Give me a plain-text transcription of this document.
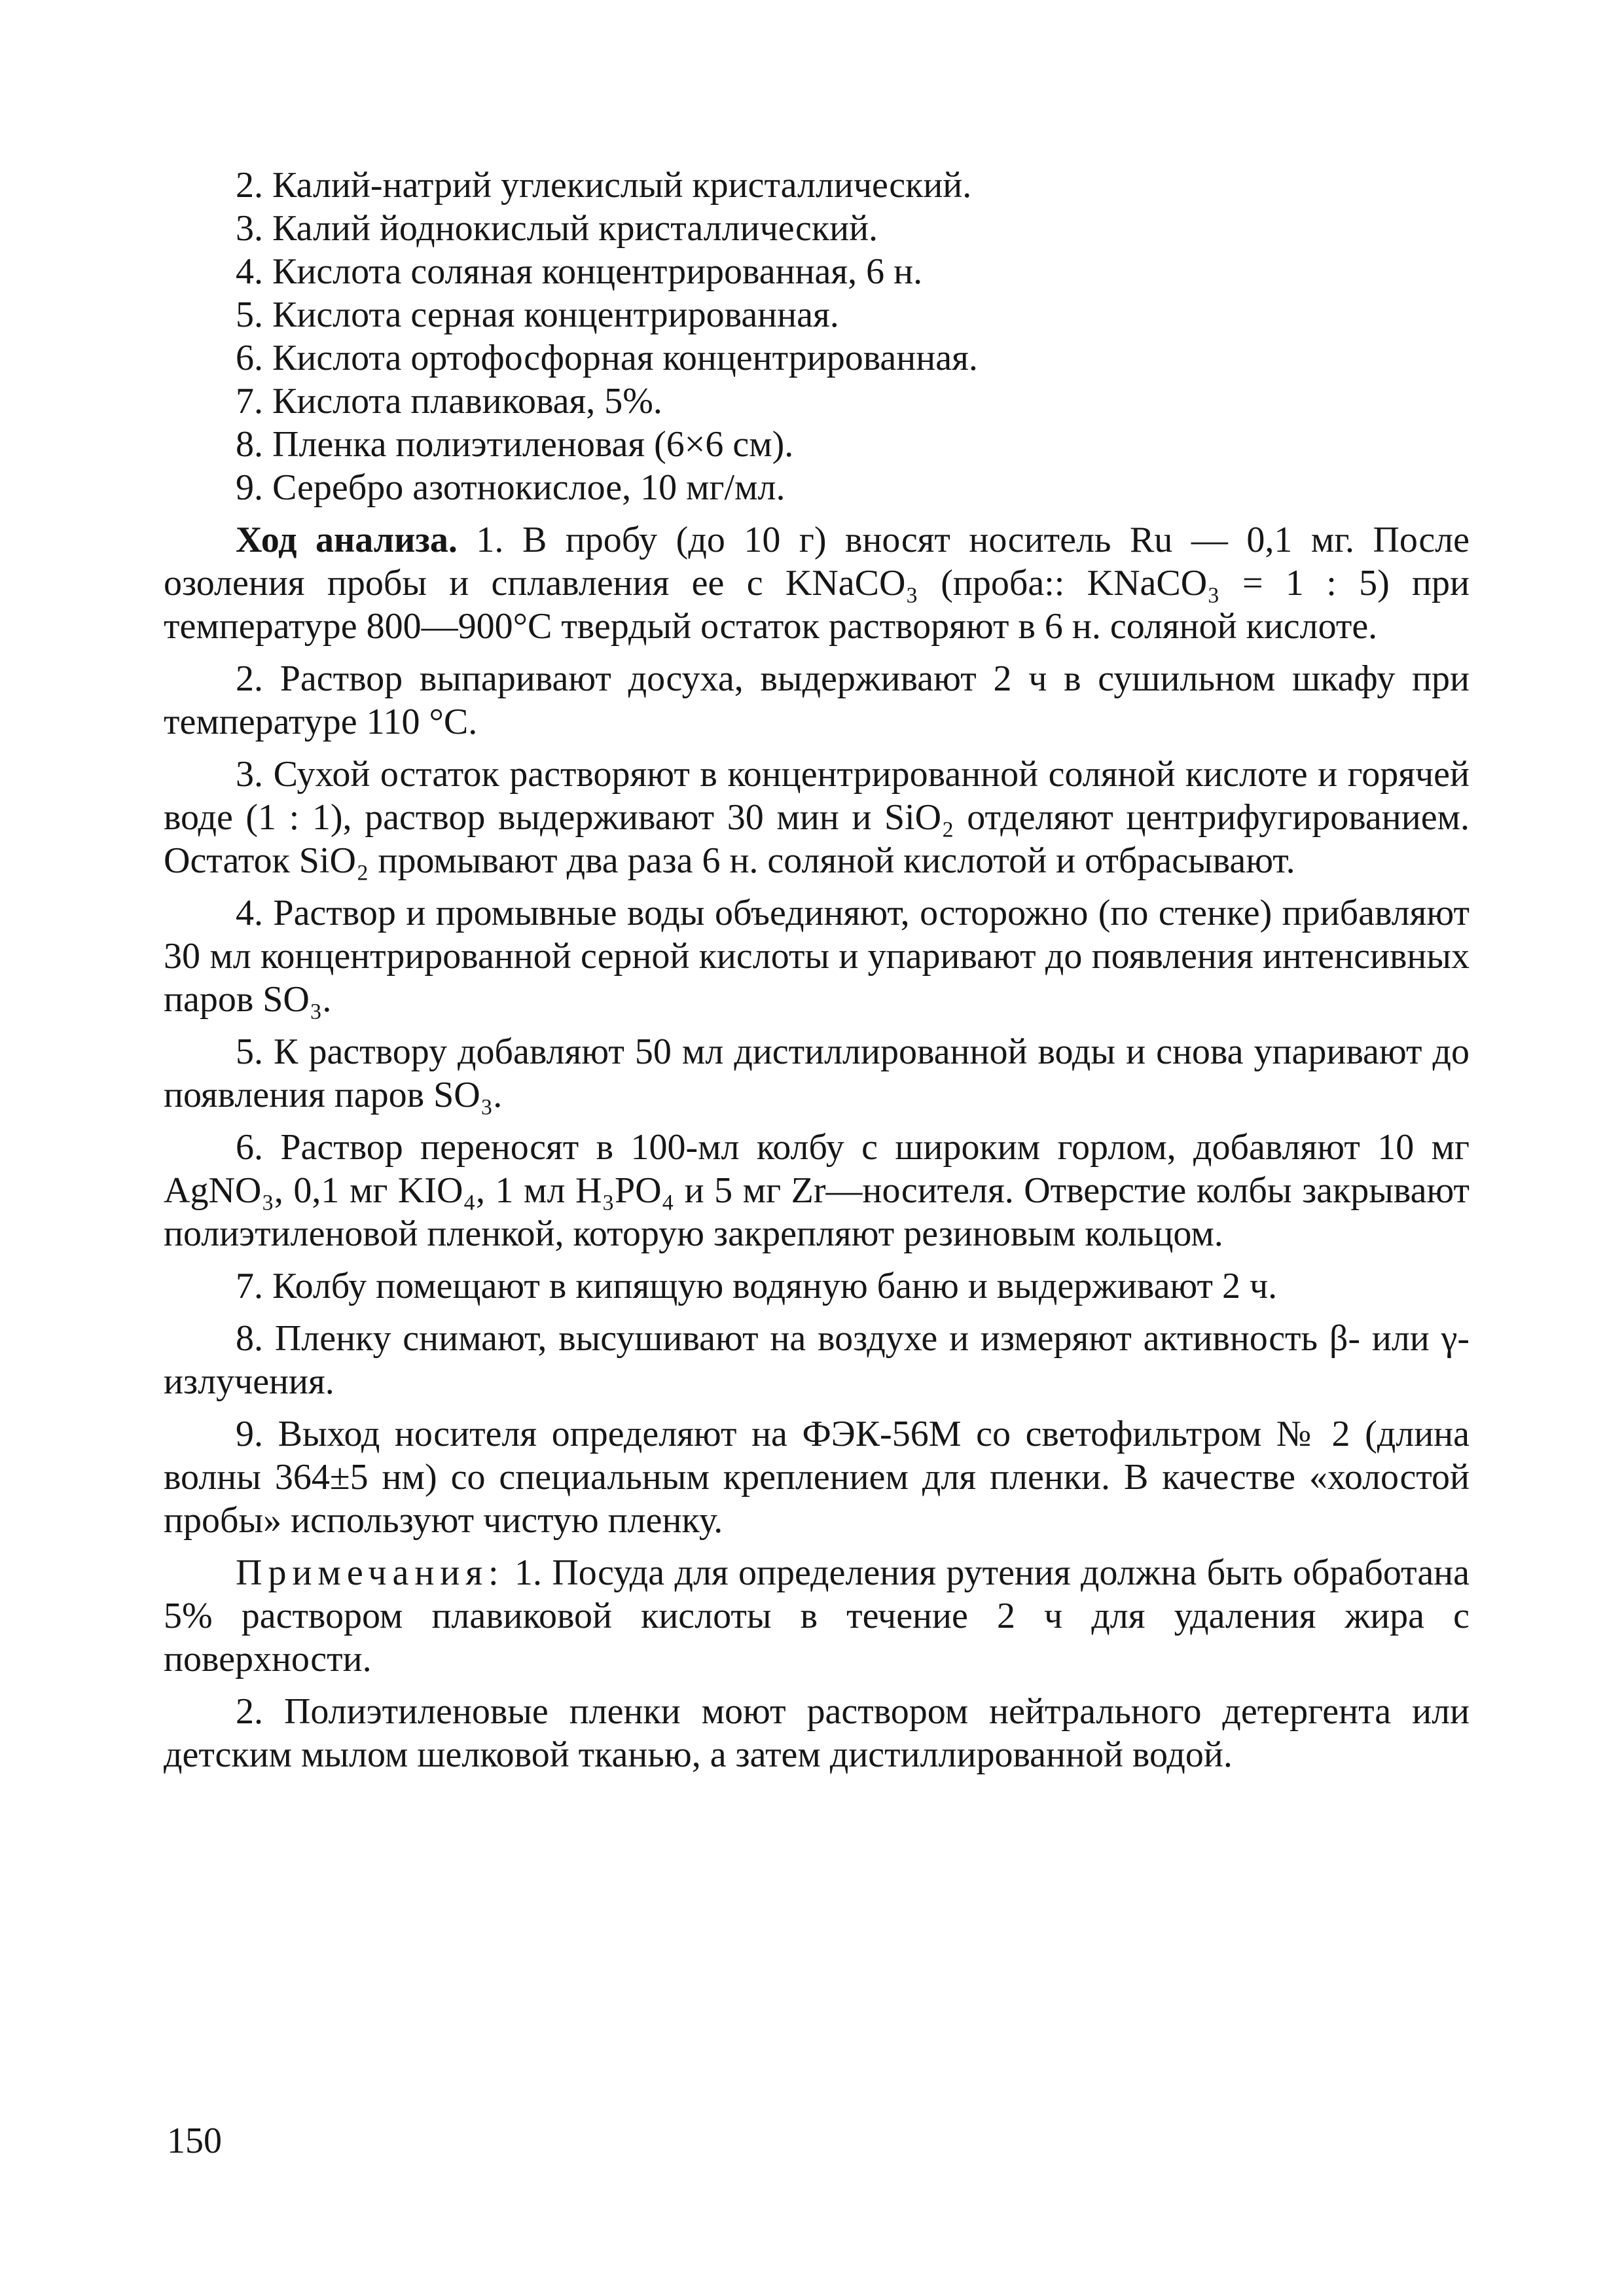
2. Калий-натрий углекислый кристаллический.

3. Калий йоднокислый кристаллический.

4. Кислота соляная концентрированная, 6 н.

5. Кислота серная концентрированная.

6. Кислота ортофосфорная концентрированная.

7. Кислота плавиковая, 5%.

8. Пленка полиэтиленовая (6×6 см).

9. Серебро азотнокислое, 10 мг/мл.

Ход анализа. 1. В пробу (до 10 г) вносят носитель Ru — 0,1 мг. После озоления пробы и сплавления ее с KNaCO₃ (проба:: KNaCO₃ = 1 : 5) при температуре 800—900°С твердый остаток растворяют в 6 н. соляной кислоте.

2. Раствор выпаривают досуха, выдерживают 2 ч в сушильном шкафу при температуре 110 °С.

3. Сухой остаток растворяют в концентрированной соляной кислоте и горячей воде (1 : 1), раствор выдерживают 30 мин и SiO₂ отделяют центрифугированием. Остаток SiO₂ промывают два раза 6 н. соляной кислотой и отбрасывают.

4. Раствор и промывные воды объединяют, осторожно (по стенке) прибавляют 30 мл концентрированной серной кислоты и упаривают до появления интенсивных паров SO₃.

5. К раствору добавляют 50 мл дистиллированной воды и снова упаривают до появления паров SO₃.

6. Раствор переносят в 100-мл колбу с широким горлом, добавляют 10 мг AgNO₃, 0,1 мг KIO₄, 1 мл H₃PO₄ и 5 мг Zr—носителя. Отверстие колбы закрывают полиэтиленовой пленкой, которую закрепляют резиновым кольцом.

7. Колбу помещают в кипящую водяную баню и выдерживают 2 ч.

8. Пленку снимают, высушивают на воздухе и измеряют активность β- или γ-излучения.

9. Выход носителя определяют на ФЭК-56М со светофильтром № 2 (длина волны 364±5 нм) со специальным креплением для пленки. В качестве «холостой пробы» используют чистую пленку.

Примечания: 1. Посуда для определения рутения должна быть обработана 5% раствором плавиковой кислоты в течение 2 ч для удаления жира с поверхности.

2. Полиэтиленовые пленки моют раствором нейтрального детергента или детским мылом шелковой тканью, а затем дистиллированной водой.

150
